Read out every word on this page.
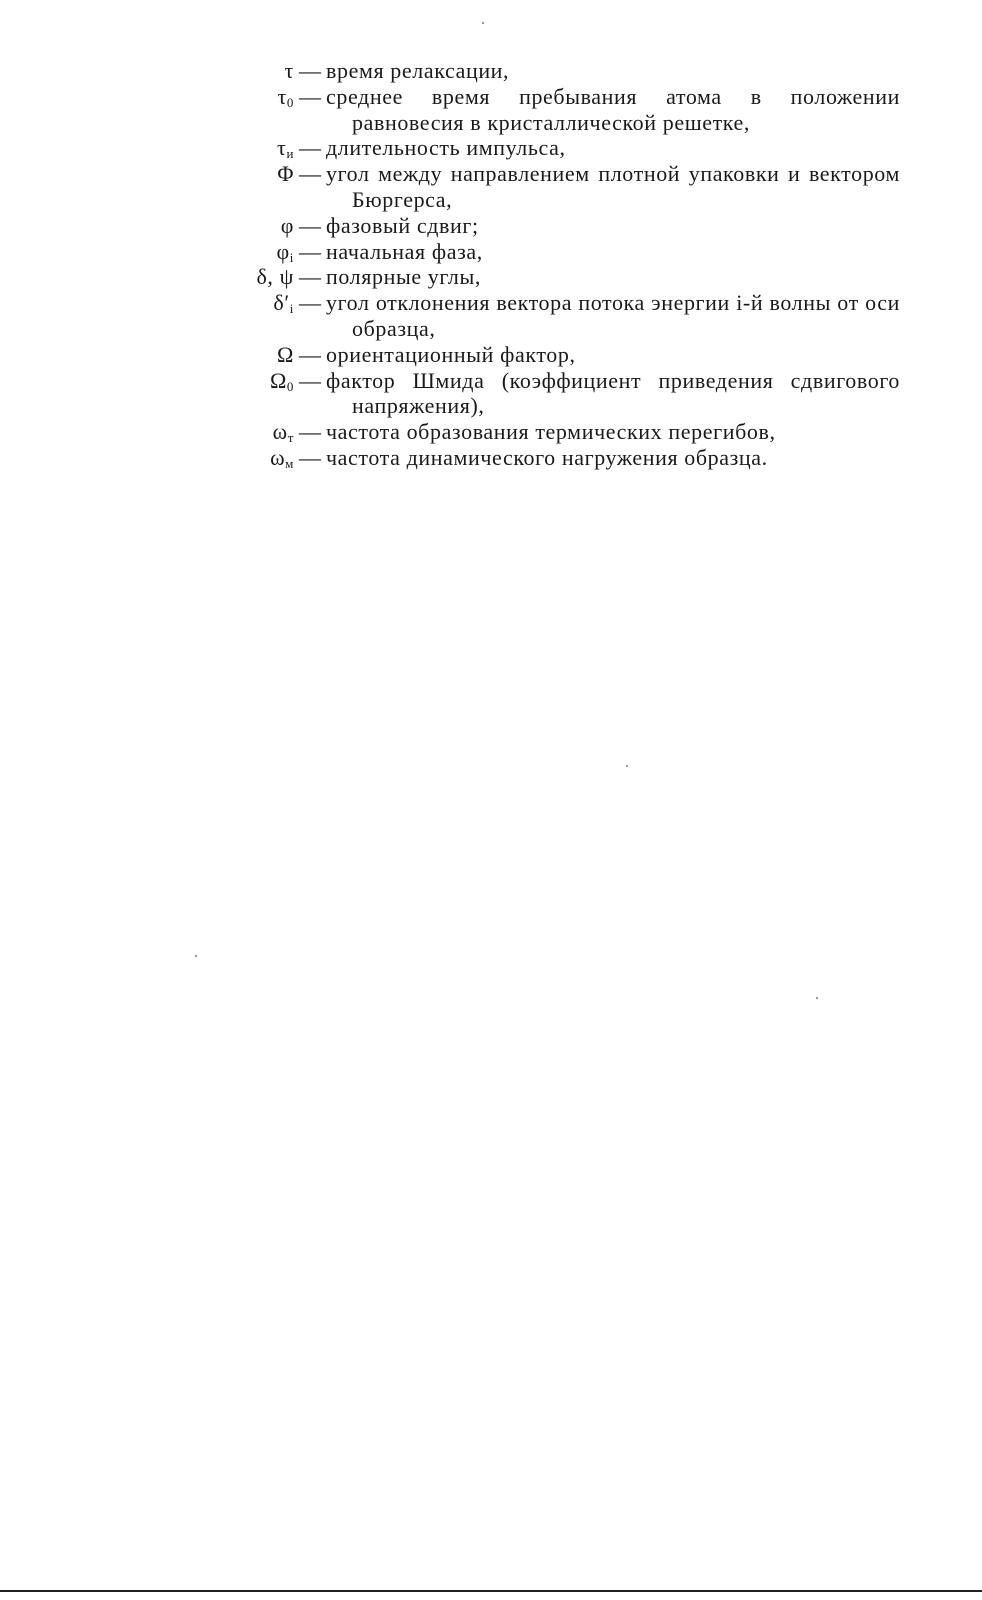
τ — время релаксации,
$\tau_0$ — среднее время пребывания атома в положении равновесия в кристаллической решетке,
$\tau_и$ — длительность импульса,
Φ — угол между направлением плотной упаковки и вектором Бюргерса,
φ — фазовый сдвиг;
$\varphi_i$ — начальная фаза,
δ, ψ — полярные углы,
$\delta'_i$ — угол отклонения вектора потока энергии i-й волны от оси образца,
Ω — ориентационный фактор,
$\Omega_0$ — фактор Шмида (коэффициент приведения сдвигового напряжения),
$\omega_т$ — частота образования термических перегибов,
$\omega_м$ — частота динамического нагружения образца.
